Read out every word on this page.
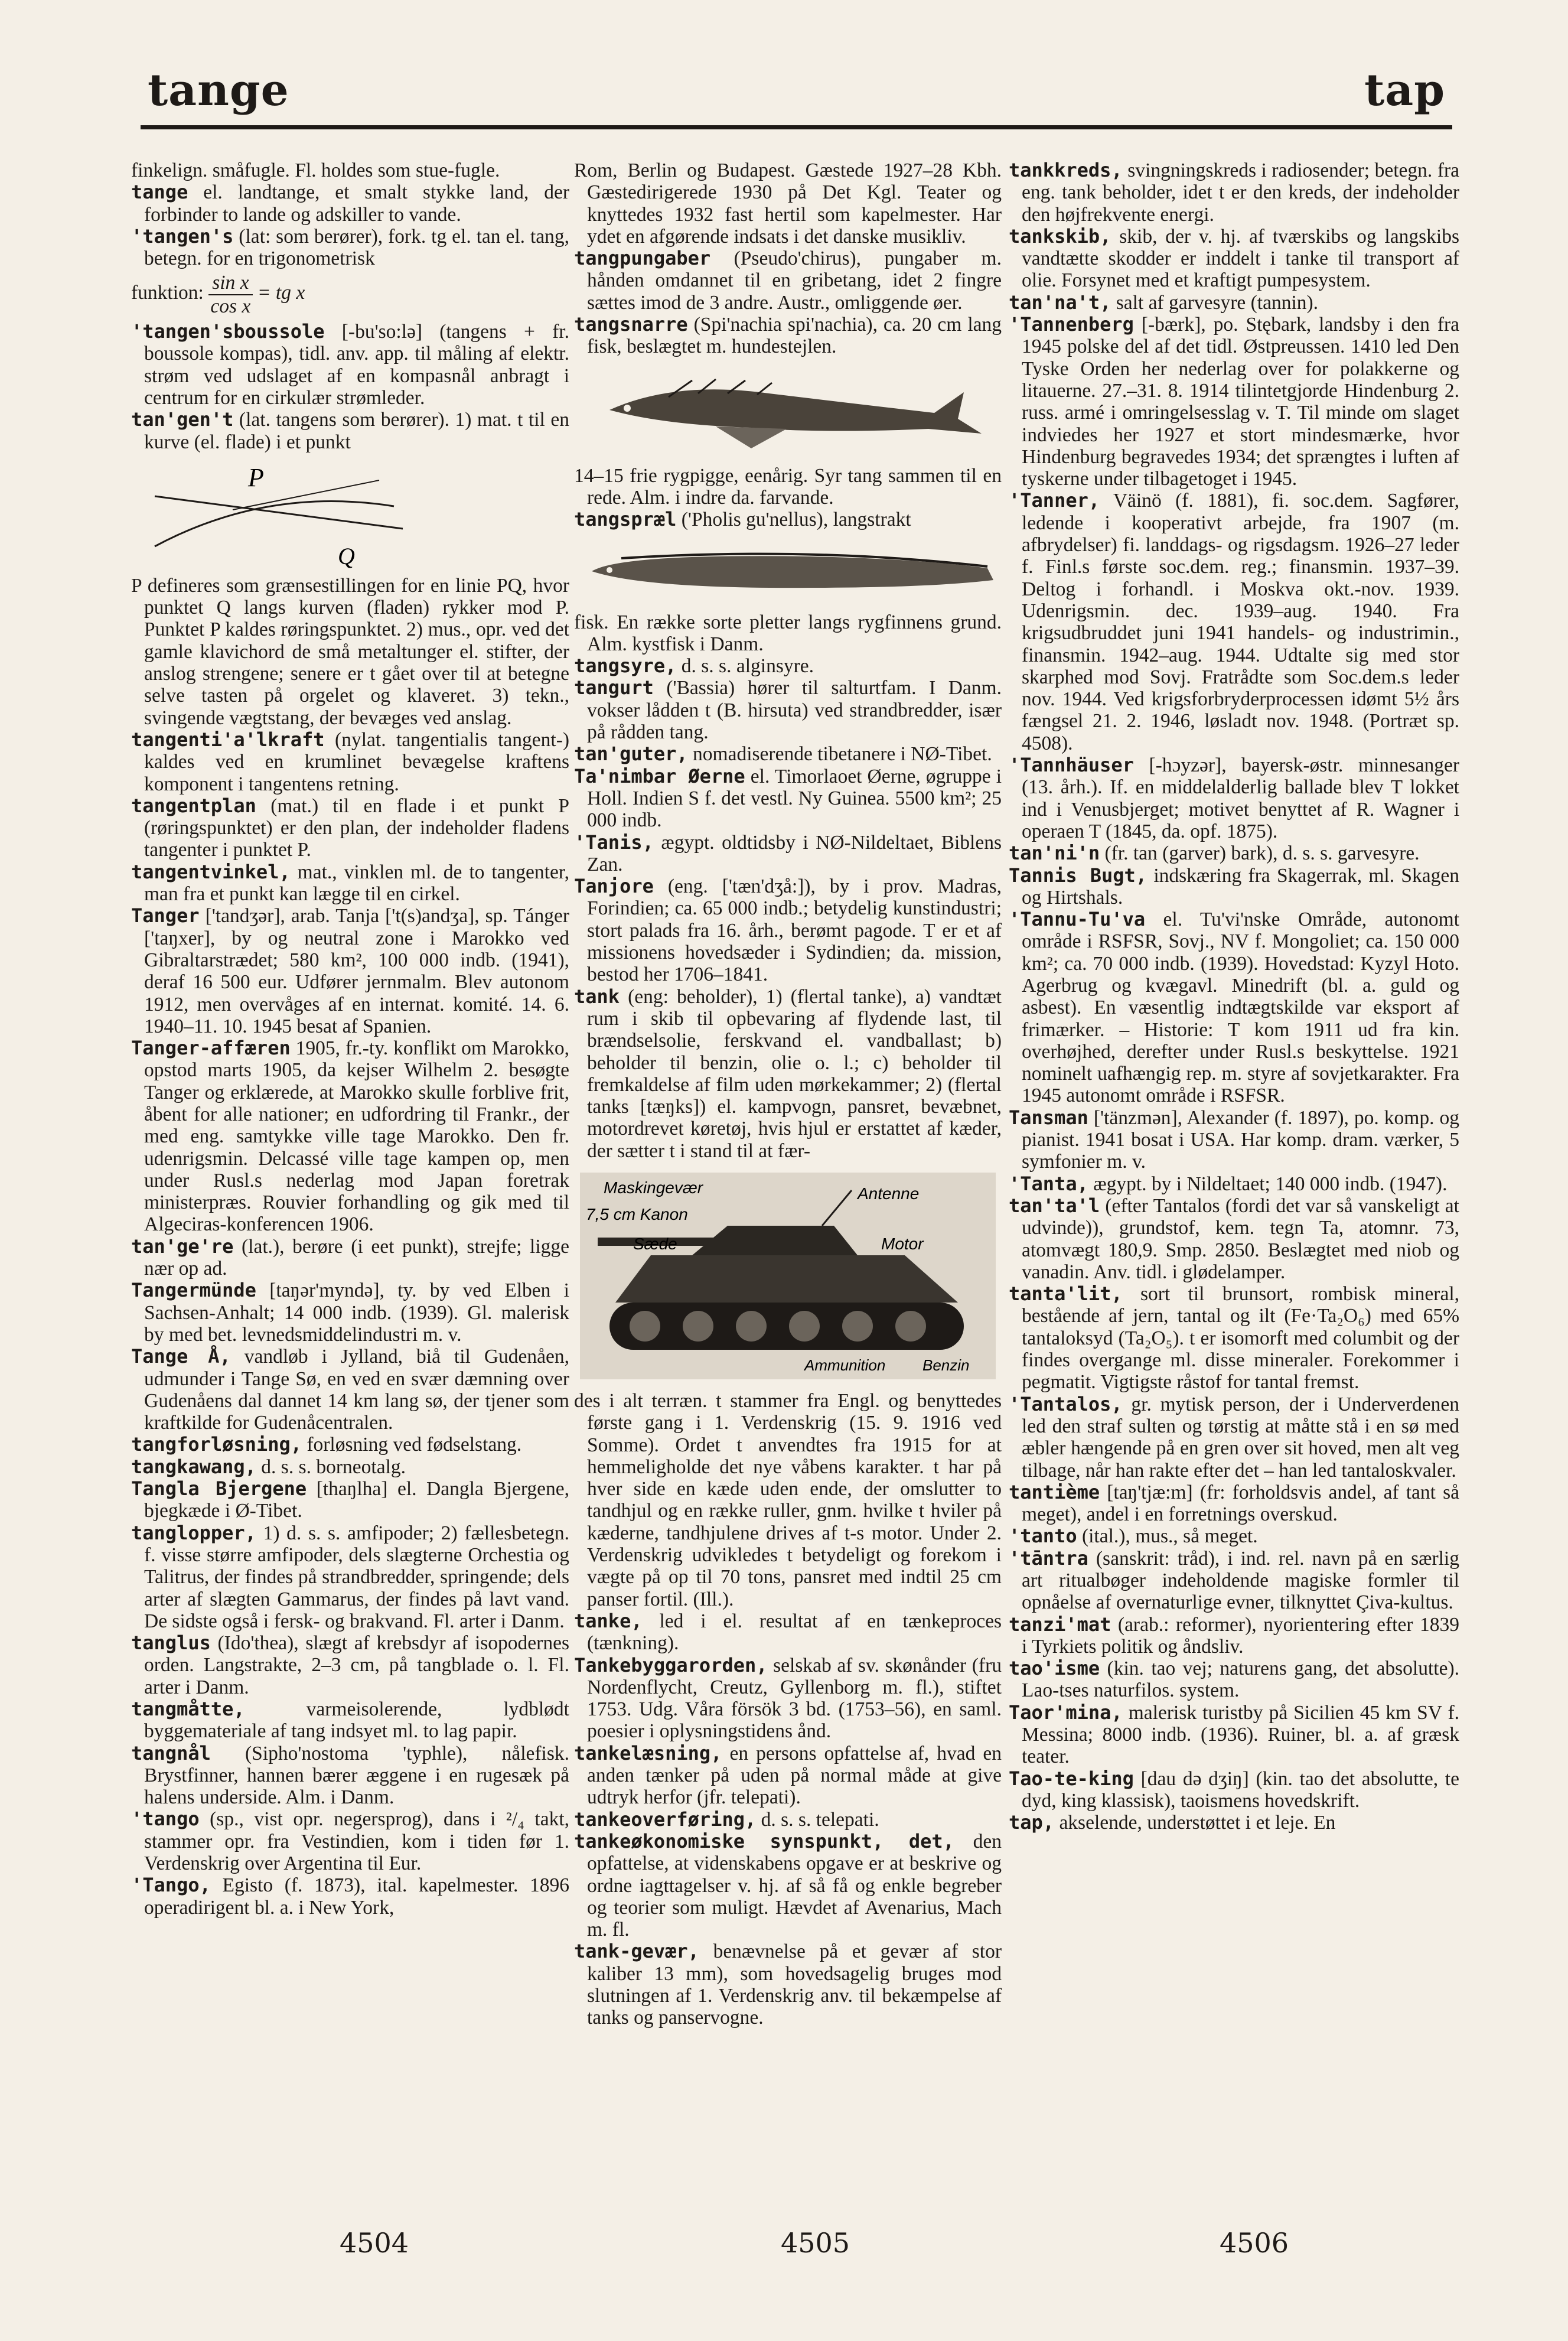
tange	tap

finkelign. småfugle. Fl. holdes som stue-fugle.

tange el. landtange, et smalt stykke land, der forbinder to lande og adskiller to vande.

'tangen's (lat: som berører), fork. tg el. tan el. tang, betegn. for en trigonometrisk

funktion: $\frac{\text{sin x}}{\text{cos x}}$ = tg x

'tangen'sboussole [-bu'so:lə] (tangens + fr. boussole kompas), tidl. anv. app. til måling af elektr. strøm ved udslaget af en kompasnål anbragt i centrum for en cirkulær strømleder.

tan'gen't (lat. tangens som berører). 1) mat. t til en kurve (el. flade) i et punkt

P
Q

P defineres som grænsestillingen for en linie PQ, hvor punktet Q langs kurven (fladen) rykker mod P. Punktet P kaldes røringspunktet. 2) mus., opr. ved det gamle klavichord de små metaltunger el. stifter, der anslog strengene; senere er t gået over til at betegne selve tasten på orgelet og klaveret. 3) tekn., svingende vægtstang, der bevæges ved anslag.

tangenti'a'lkraft (nylat. tangentialis tangent-) kaldes ved en krumlinet bevægelse kraftens komponent i tangentens retning.

tangentplan (mat.) til en flade i et punkt P (røringspunktet) er den plan, der indeholder fladens tangenter i punktet P.

tangentvinkel, mat., vinklen ml. de to tangenter, man fra et punkt kan lægge til en cirkel.

Tanger ['tandʒər], arab. Tanja ['t(s)andʒa], sp. Tánger ['taŋxer], by og neutral zone i Marokko ved Gibraltarstrædet; 580 km², 100 000 indb. (1941), deraf 16 500 eur. Udfører jernmalm. Blev autonom 1912, men overvåges af en internat. komité. 14. 6. 1940–11. 10. 1945 besat af Spanien.

Tanger-affæren 1905, fr.-ty. konflikt om Marokko, opstod marts 1905, da kejser Wilhelm 2. besøgte Tanger og erklærede, at Marokko skulle forblive frit, åbent for alle nationer; en udfordring til Frankr., der med eng. samtykke ville tage Marokko. Den fr. udenrigsmin. Delcassé ville tage kampen op, men under Rusl.s nederlag mod Japan foretrak ministerpræs. Rouvier forhandling og gik med til Algeciras-konferencen 1906.

tan'ge're (lat.), berøre (i eet punkt), strejfe; ligge nær op ad.

Tangermünde [taŋər'myndə], ty. by ved Elben i Sachsen-Anhalt; 14 000 indb. (1939). Gl. malerisk by med bet. levnedsmiddelindustri m. v.

Tange Å, vandløb i Jylland, biå til Gudenåen, udmunder i Tange Sø, en ved en svær dæmning over Gudenåens dal dannet 14 km lang sø, der tjener som kraftkilde for Gudenåcentralen.

tangforløsning, forløsning ved fødselstang.

tangkawang, d. s. s. borneotalg.

Tangla Bjergene [thaŋlha] el. Dangla Bjergene, bjegkæde i Ø-Tibet.

tanglopper, 1) d. s. s. amfipoder; 2) fællesbetegn. f. visse større amfipoder, dels slægterne Orchestia og Talitrus, der findes på strandbredder, springende; dels arter af slægten Gammarus, der findes på lavt vand. De sidste også i fersk- og brakvand. Fl. arter i Danm.

tanglus (Ido'thea), slægt af krebsdyr af isopodernes orden. Langstrakte, 2–3 cm, på tangblade o. l. Fl. arter i Danm.

tangmåtte, varmeisolerende, lydblødt byggemateriale af tang indsyet ml. to lag papir.

tangnål (Sipho'nostoma 'typhle), nålefisk. Brystfinner, hannen bærer æggene i en rugesæk på halens underside. Alm. i Danm.

'tango (sp., vist opr. negersprog), dans i ²/₄ takt, stammer opr. fra Vestindien, kom i tiden før 1. Verdenskrig over Argentina til Eur.

'Tango, Egisto (f. 1873), ital. kapelmester. 1896 operadirigent bl. a. i New York,

Rom, Berlin og Budapest. Gæstede 1927–28 Kbh. Gæstedirigerede 1930 på Det Kgl. Teater og knyttedes 1932 fast hertil som kapelmester. Har ydet en afgørende indsats i det danske musikliv.

tangpungaber (Pseudo'chirus), pungaber m. hånden omdannet til en gribetang, idet 2 fingre sættes imod de 3 andre. Austr., omliggende øer.

tangsnarre (Spi'nachia spi'nachia), ca. 20 cm lang fisk, beslægtet m. hundestejlen.

14–15 frie rygpigge, eenårig. Syr tang sammen til en rede. Alm. i indre da. farvande.

tangspræl ('Pholis gu'nellus), langstrakt

fisk. En række sorte pletter langs rygfinnens grund. Alm. kystfisk i Danm.

tangsyre, d. s. s. alginsyre.

tangurt ('Bassia) hører til salturtfam. I Danm. vokser lådden t (B. hirsuta) ved strandbredder, især på rådden tang.

tan'guter, nomadiserende tibetanere i NØ-Tibet.

Ta'nimbar Øerne el. Timorlaoet Øerne, øgruppe i Holl. Indien S f. det vestl. Ny Guinea. 5500 km²; 25 000 indb.

'Tanis, ægypt. oldtidsby i NØ-Nildeltaet, Biblens Zan.

Tanjore (eng. ['tæn'dʒå:]), by i prov. Madras, Forindien; ca. 65 000 indb.; betydelig kunstindustri; stort palads fra 16. årh., berømt pagode. T er et af missionens hovedsæder i Sydindien; da. mission, bestod her 1706–1841.

tank (eng: beholder), 1) (flertal tanke), a) vandtæt rum i skib til opbevaring af flydende last, til brændselsolie, ferskvand el. vandballast; b) beholder til benzin, olie o. l.; c) beholder til fremkaldelse af film uden mørkekammer; 2) (flertal tanks [tæŋks]) el. kampvogn, pansret, bevæbnet, motordrevet køretøj, hvis hjul er erstattet af kæder, der sætter t i stand til at fær-

Maskingevær
7,5 cm Kanon
Antenne
Sæde	Motor
Ammunition Benzin

des i alt terræn. t stammer fra Engl. og benyttedes første gang i 1. Verdenskrig (15. 9. 1916 ved Somme). Ordet t anvendtes fra 1915 for at hemmeligholde det nye våbens karakter. t har på hver side en kæde uden ende, der omslutter to tandhjul og en række ruller, gnm. hvilke t hviler på kæderne, tandhjulene drives af t-s motor. Under 2. Verdenskrig udvikledes t betydeligt og forekom i vægte på op til 70 tons, pansret med indtil 25 cm panser fortil. (Ill.).

tanke, led i el. resultat af en tænkeproces (tænkning).

Tankebyggarorden, selskab af sv. skønånder (fru Nordenflycht, Creutz, Gyllenborg m. fl.), stiftet 1753. Udg. Våra försök 3 bd. (1753–56), en saml. poesier i oplysningstidens ånd.

tankelæsning, en persons opfattelse af, hvad en anden tænker på uden på normal måde at give udtryk herfor (jfr. telepati).

tankeoverføring, d. s. s. telepati.

tankeøkonomiske synspunkt, det, den opfattelse, at videnskabens opgave er at beskrive og ordne iagttagelser v. hj. af så få og enkle begreber og teorier som muligt. Hævdet af Avenarius, Mach m. fl.

tank-gevær, benævnelse på et gevær af stor kaliber 13 mm), som hovedsagelig bruges mod slutningen af 1. Verdenskrig anv. til bekæmpelse af tanks og panservogne.

tankkreds, svingningskreds i radiosender; betegn. fra eng. tank beholder, idet t er den kreds, der indeholder den højfrekvente energi.

tankskib, skib, der v. hj. af tværskibs og langskibs vandtætte skodder er inddelt i tanke til transport af olie. Forsynet med et kraftigt pumpesystem.

tan'na't, salt af garvesyre (tannin).

'Tannenberg [-bærk], po. Stębark, landsby i den fra 1945 polske del af det tidl. Østpreussen. 1410 led Den Tyske Orden her nederlag over for polakkerne og litauerne. 27.–31. 8. 1914 tilintetgjorde Hindenburg 2. russ. armé i omringelsesslag v. T. Til minde om slaget indviedes her 1927 et stort mindesmærke, hvor Hindenburg begravedes 1934; det sprængtes i luften af tyskerne under tilbagetoget i 1945.

'Tanner, Väinö (f. 1881), fi. soc.dem. Sagfører, ledende i kooperativt arbejde, fra 1907 (m. afbrydelser) fi. landdags- og rigsdagsm. 1926–27 leder f. Finl.s første soc.dem. reg.; finansmin. 1937–39. Deltog i forhandl. i Moskva okt.-nov. 1939. Udenrigsmin. dec. 1939–aug. 1940. Fra krigsudbruddet juni 1941 handels- og industrimin., finansmin. 1942–aug. 1944. Udtalte sig med stor skarphed mod Sovj. Fratrådte som Soc.dem.s leder nov. 1944. Ved krigsforbryderprocessen idømt 5½ års fængsel 21. 2. 1946, løsladt nov. 1948. (Portræt sp. 4508).

'Tannhäuser [-hɔyzər], bayersk-østr. minnesanger (13. årh.). If. en middelalderlig ballade blev T lokket ind i Venusbjerget; motivet benyttet af R. Wagner i operaen T (1845, da. opf. 1875).

tan'ni'n (fr. tan (garver) bark), d. s. s. garvesyre.

Tannis Bugt, indskæring fra Skagerrak, ml. Skagen og Hirtshals.

'Tannu-Tu'va el. Tu'vi'nske Område, autonomt område i RSFSR, Sovj., NV f. Mongoliet; ca. 150 000 km²; ca. 70 000 indb. (1939). Hovedstad: Kyzyl Hoto. Agerbrug og kvægavl. Minedrift (bl. a. guld og asbest). En væsentlig indtægtskilde var eksport af frimærker. – Historie: T kom 1911 ud fra kin. overhøjhed, derefter under Rusl.s beskyttelse. 1921 nominelt uafhængig rep. m. styre af sovjetkarakter. Fra 1945 autonomt område i RSFSR.

Tansman ['tänzmən], Alexander (f. 1897), po. komp. og pianist. 1941 bosat i USA. Har komp. dram. værker, 5 symfonier m. v.

'Tanta, ægypt. by i Nildeltaet; 140 000 indb. (1947).

tan'ta'l (efter Tantalos (fordi det var så vanskeligt at udvinde)), grundstof, kem. tegn Ta, atomnr. 73, atomvægt 180,9. Smp. 2850. Beslægtet med niob og vanadin. Anv. tidl. i glødelamper.

tanta'lit, sort til brunsort, rombisk mineral, bestående af jern, tantal og ilt (Fe·Ta₂O₆) med 65% tantaloksyd (Ta₂O₅). t er isomorft med columbit og der findes overgange ml. disse mineraler. Forekommer i pegmatit. Vigtigste råstof for tantal fremst.

'Tantalos, gr. mytisk person, der i Underverdenen led den straf sulten og tørstig at måtte stå i en sø med æbler hængende på en gren over sit hoved, men alt veg tilbage, når han rakte efter det – han led tantaloskvaler.

tantième [taŋ'tjæ:m] (fr: forholdsvis andel, af tant så meget), andel i en forretnings overskud.

'tanto (ital.), mus., så meget.

'tāntra (sanskrit: tråd), i ind. rel. navn på en særlig art ritualbøger indeholdende magiske formler til opnåelse af overnaturlige evner, tilknyttet Çiva-kultus.

tanzi'mat (arab.: reformer), nyorientering efter 1839 i Tyrkiets politik og åndsliv.

tao'isme (kin. tao vej; naturens gang, det absolutte). Lao-tses naturfilos. system.

Taor'mina, malerisk turistby på Sicilien 45 km SV f. Messina; 8000 indb. (1936). Ruiner, bl. a. af græsk teater.

Tao-te-king [dau də dʒiŋ] (kin. tao det absolutte, te dyd, king klassisk), taoismens hovedskrift.

tap, akselende, understøttet i et leje. En

4504	4505	4506
